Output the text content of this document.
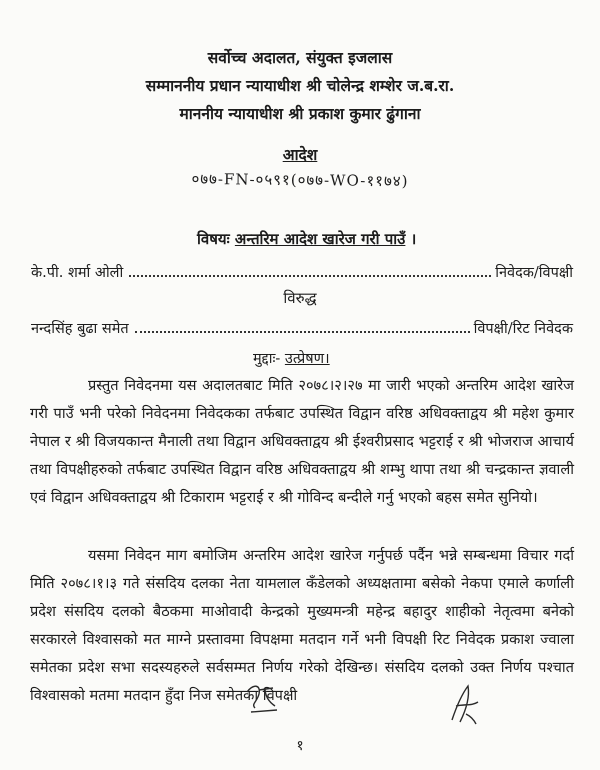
सर्वोच्च अदालत, संयुक्त इजलास
सम्माननीय प्रधान न्यायाधीश श्री चोलेन्द्र शम्शेर ज.ब.रा.
माननीय न्यायाधीश श्री प्रकाश कुमार ढुंगाना
आदेश
०७७-FN-०५९१(०७७-WO-११७४)
विषयः अन्तरिम आदेश खारेज गरी पाउँ ।
के.पी. शर्मा ओली	निवेदक/विपक्षी
विरुद्ध
नन्दसिंह बुढा समेत	विपक्षी/रिट निवेदक
मुद्दाः- उत्प्रेषण।

प्रस्तुत निवेदनमा यस अदालतबाट मिति २०७८।२।२७ मा जारी भएको अन्तरिम आदेश खारेज गरी पाउँ भनी परेको निवेदनमा निवेदकका तर्फबाट उपस्थित विद्वान वरिष्ठ अधिवक्ताद्वय श्री महेश कुमार नेपाल र श्री विजयकान्त मैनाली तथा विद्वान अधिवक्ताद्वय श्री ईश्वरीप्रसाद भट्टराई र श्री भोजराज आचार्य तथा विपक्षीहरुको तर्फबाट उपस्थित विद्वान वरिष्ठ अधिवक्ताद्वय श्री शम्भु थापा तथा श्री चन्द्रकान्त ज्ञवाली एवं विद्वान अधिवक्ताद्वय श्री टिकाराम भट्टराई र श्री गोविन्द बन्दीले गर्नु भएको बहस समेत सुनियो।

यसमा निवेदन माग बमोजिम अन्तरिम आदेश खारेज गर्नुपर्छ पर्दैन भन्ने सम्बन्धमा विचार गर्दा मिति २०७८।१।३ गते संसदिय दलका नेता यामलाल कँडेलको अध्यक्षतामा बसेको नेकपा एमाले कर्णाली प्रदेश संसदिय दलको बैठकमा माओवादी केन्द्रको मुख्यमन्त्री महेन्द्र बहादुर शाहीको नेतृत्वमा बनेको सरकारले विश्वासको मत माग्ने प्रस्तावमा विपक्षमा मतदान गर्ने भनी विपक्षी रिट निवेदक प्रकाश ज्वाला समेतका प्रदेश सभा सदस्यहरुले सर्वसम्मत निर्णय गरेको देखिन्छ। संसदिय दलको उक्त निर्णय पश्चात विश्वासको मतमा मतदान हुँदा निज समेतका विपक्षी

१
